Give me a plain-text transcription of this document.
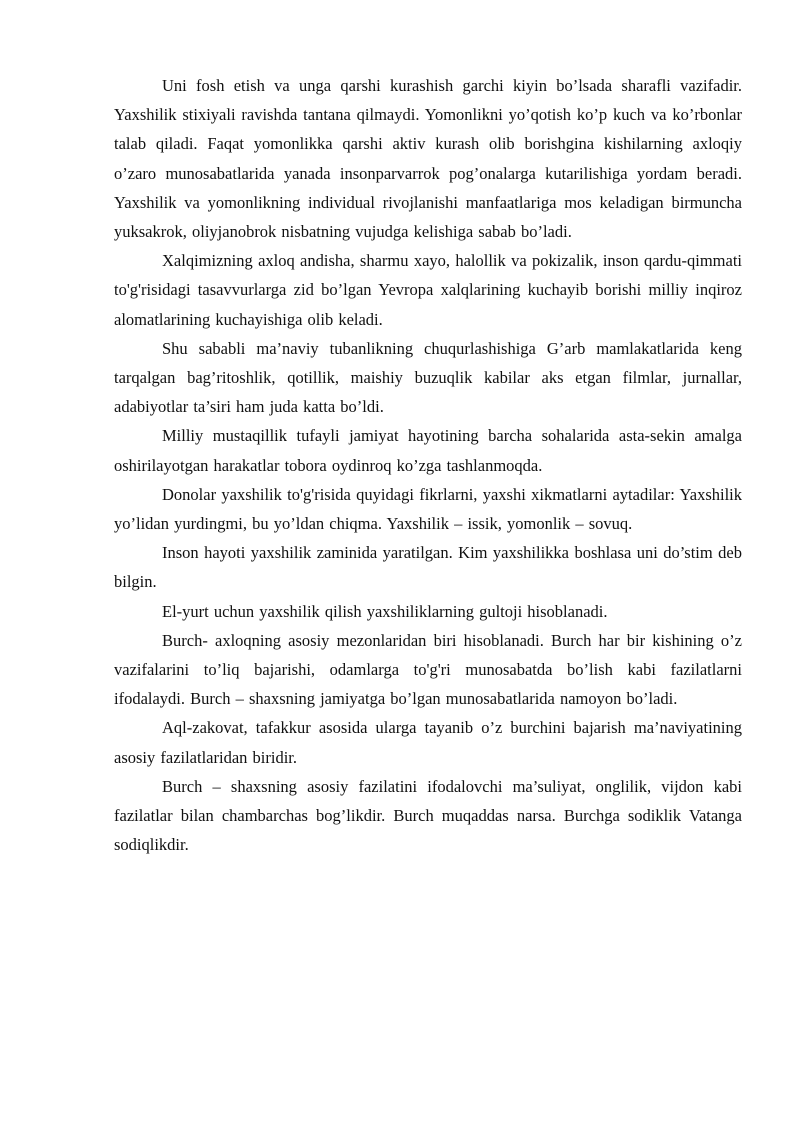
Uni fosh etish va unga qarshi kurashish garchi kiyin bo’lsada sharafli vazifadir. Yaxshilik stixiyali ravishda tantana qilmaydi. Yomonlikni yo’qotish ko’p kuch va ko’rbonlar talab qiladi. Faqat yomonlikka qarshi aktiv kurash olib borishgina kishilarning axloqiy o’zaro munosabatlarida yanada insonparvarrok pog’onalarga kutarilishiga yordam beradi. Yaxshilik va yomonlikning individual rivojlanishi manfaatlariga mos keladigan birmuncha yuksakrok, oliyjanobrok nisbatning vujudga kelishiga sabab bo’ladi.

Xalqimizning axloq andisha, sharmu xayo, halollik va pokizalik, inson qardu-qimmati to'g'risidagi tasavvurlarga zid bo’lgan Yevropa xalqlarining kuchayib borishi milliy inqiroz alomatlarining kuchayishiga olib keladi.

Shu sababli ma’naviy tubanlikning chuqurlashishiga G’arb mamlakatlarida keng tarqalgan bag’ritoshlik, qotillik, maishiy buzuqlik kabilar aks etgan filmlar, jurnallar, adabiyotlar ta’siri ham juda katta bo’ldi.

Milliy mustaqillik tufayli jamiyat hayotining barcha sohalarida asta-sekin amalga oshirilayotgan harakatlar tobora oydinroq ko’zga tashlanmoqda.

Donolar yaxshilik to'g'risida quyidagi fikrlarni, yaxshi xikmatlarni aytadilar: Yaxshilik yo’lidan yurdingmi, bu yo’ldan chiqma. Yaxshilik – issik, yomonlik – sovuq.

Inson hayoti yaxshilik zaminida yaratilgan. Kim yaxshilikka boshlasa uni do’stim deb bilgin.

El-yurt uchun yaxshilik qilish yaxshiliklarning gultoji hisoblanadi.

Burch- axloqning asosiy mezonlaridan biri hisoblanadi. Burch har bir kishining o’z vazifalarini to’liq bajarishi, odamlarga to'g'ri munosabatda bo’lish kabi fazilatlarni ifodalaydi. Burch – shaxsning jamiyatga bo’lgan munosabatlarida namoyon bo’ladi.

Aql-zakovat, tafakkur asosida ularga tayanib o’z burchini bajarish ma’naviyatining asosiy fazilatlaridan biridir.

Burch – shaxsning asosiy fazilatini ifodalovchi ma’suliyat, onglilik, vijdon kabi fazilatlar bilan chambarchas bog’likdir. Burch muqaddas narsa. Burchga sodiklik Vatanga sodiqlikdir.
